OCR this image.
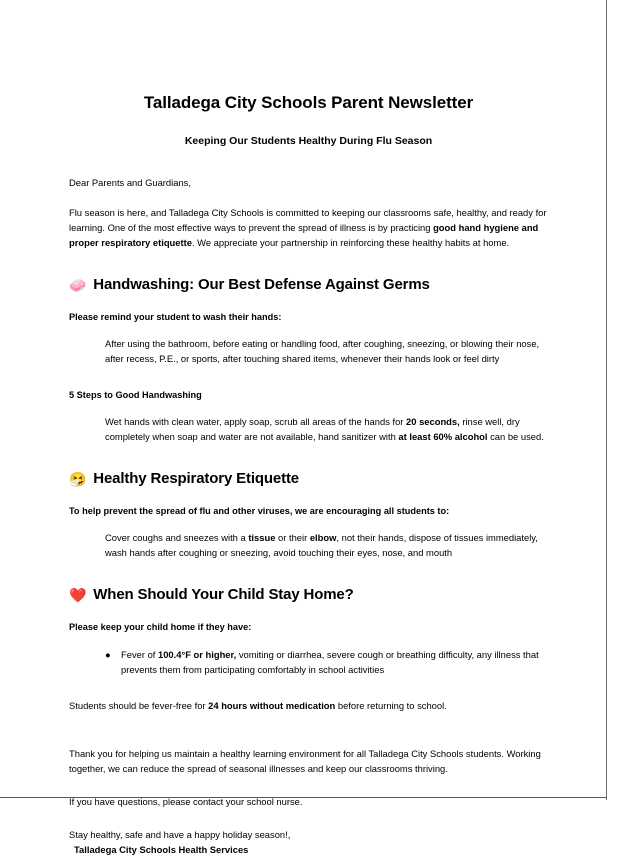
Talladega City Schools Parent Newsletter
Keeping Our Students Healthy During Flu Season
Dear Parents and Guardians,
Flu season is here, and Talladega City Schools is committed to keeping our classrooms safe, healthy, and ready for learning. One of the most effective ways to prevent the spread of illness is by practicing good hand hygiene and proper respiratory etiquette. We appreciate your partnership in reinforcing these healthy habits at home.
🧼 Handwashing: Our Best Defense Against Germs
Please remind your student to wash their hands:
After using the bathroom, before eating or handling food, after coughing, sneezing, or blowing their nose, after recess, P.E., or sports, after touching shared items, whenever their hands look or feel dirty
5 Steps to Good Handwashing
Wet hands with clean water, apply soap, scrub all areas of the hands for 20 seconds, rinse well, dry completely when soap and water are not available, hand sanitizer with at least 60% alcohol can be used.
🤧 Healthy Respiratory Etiquette
To help prevent the spread of flu and other viruses, we are encouraging all students to:
Cover coughs and sneezes with a tissue or their elbow, not their hands, dispose of tissues immediately, wash hands after coughing or sneezing, avoid touching their eyes, nose, and mouth
❤️ When Should Your Child Stay Home?
Please keep your child home if they have:
● Fever of 100.4°F or higher, vomiting or diarrhea, severe cough or breathing difficulty, any illness that prevents them from participating comfortably in school activities
Students should be fever-free for 24 hours without medication before returning to school.
Thank you for helping us maintain a healthy learning environment for all Talladega City Schools students. Working together, we can reduce the spread of seasonal illnesses and keep our classrooms thriving.
If you have questions, please contact your school nurse.
Stay healthy, safe and have a happy holiday season!,
Talladega City Schools Health Services
